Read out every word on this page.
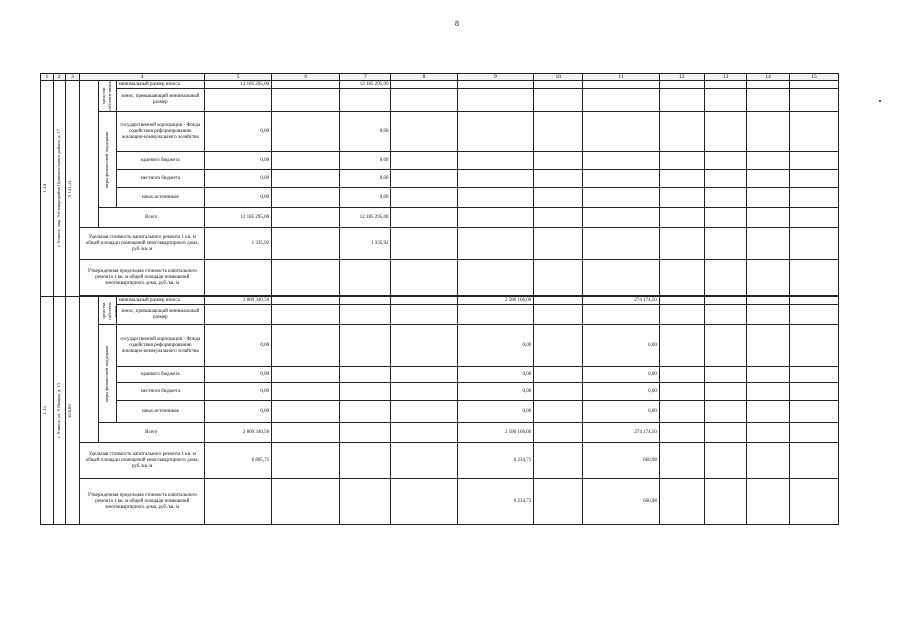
8
1	2	3	4			5	6	7	8	9	10	11	12	13	14	15

1.14	г. Ачинск, мкр. 3-й микрорайон Привокзального района, д. 17	9 121,31		средства собствен-ников	минимальный размер взноса	12 185 295,00		12 185 295,00								
					взнос, превышающий минимальный размер											

				меры финансовой поддержки	государственной корпорации - Фонда содействия реформированию жилищно-коммунального хозяйства	0,00		0,00								
					краевого бюджета	0,00		0,00								
					местного бюджета	0,00		0,00								
					иных источников	0,00		0,00								
				Всего		12 185 295,00		12 185 295,00								
			Удельная стоимость капитального ремонта 1 кв. м общей площади помещений многоквартирного дома, руб./кв. м			1 335,92		1 335,92								
			Утвержденная предельная стоимость капитального ремонта 1 кв. м общей площади помещений многоквартирного дома, руб./кв. м													

1.15	г. Ачинск, ул. 9 Января, д. 13	414,80		средства собствен-ников	минимальный размер взноса	2 860 340,50				2 586 166,00		274 174,50				
					взнос, превышающий минимальный размер											

				меры финансовой поддержки	государственной корпорации - Фонда содействия реформированию жилищно-коммунального хозяйства	0,00				0,00		0,00				
					краевого бюджета	0,00				0,00		0,00				
					местного бюджета	0,00				0,00		0,00				
					иных источников	0,00				0,00		0,00				
				Всего		2 860 340,50				2 586 166,00		274 174,50				
			Удельная стоимость капитального ремонта 1 кв. м общей площади помещений многоквартирного дома, руб./кв. м			6 895,71				6 234,73		660,98				
			Утвержденная предельная стоимость капитального ремонта 1 кв. м общей площади помещений многоквартирного дома, руб./кв. м							6 234,73		660,98				
